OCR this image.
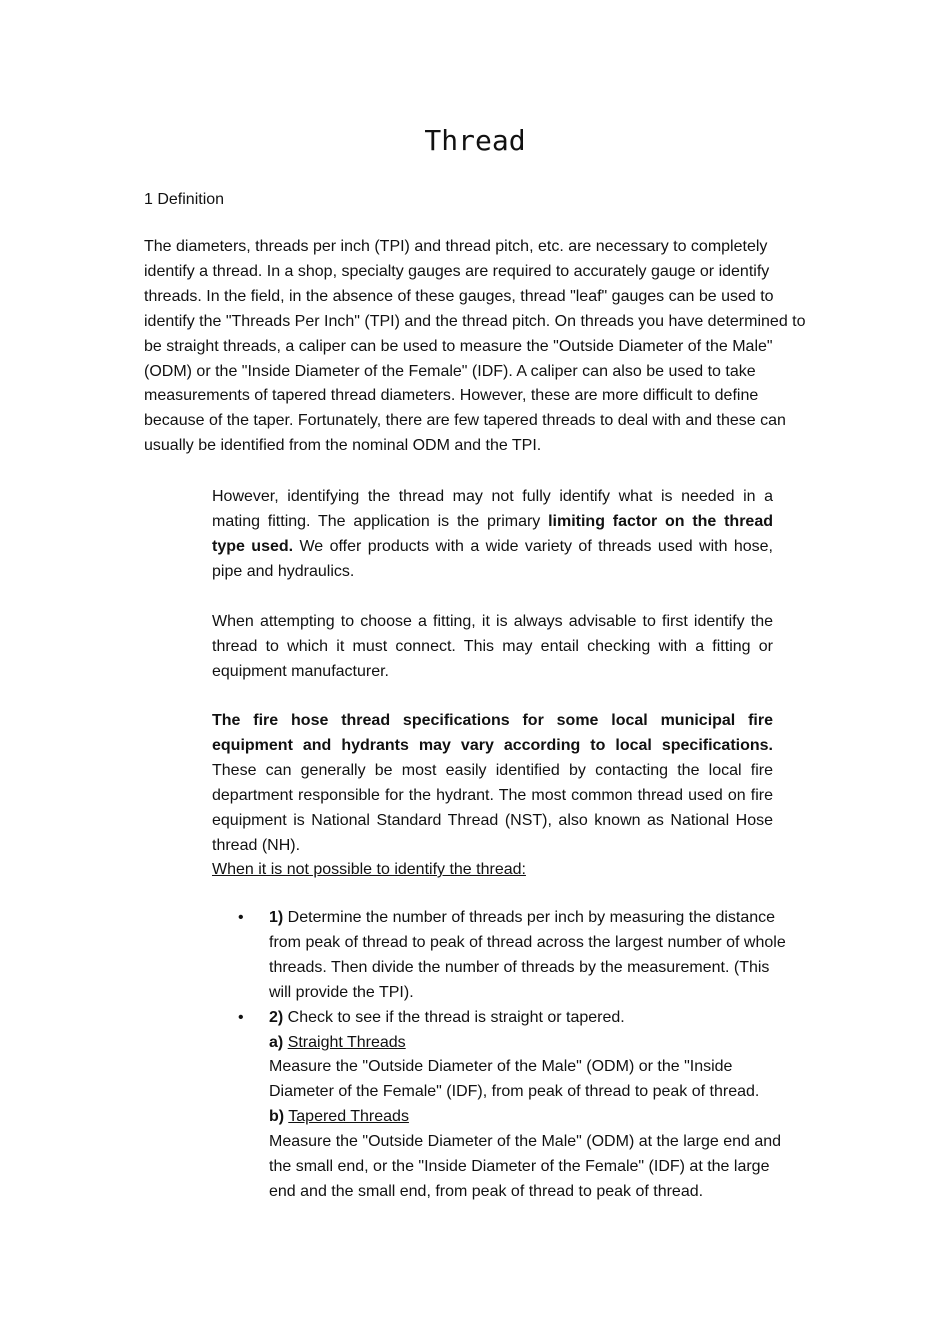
Thread

1 Definition

The diameters, threads per inch (TPI) and thread pitch, etc. are necessary to completely identify a thread. In a shop, specialty gauges are required to accurately gauge or identify threads. In the field, in the absence of these gauges, thread "leaf" gauges can be used to identify the "Threads Per Inch" (TPI) and the thread pitch. On threads you have determined to be straight threads, a caliper can be used to measure the "Outside Diameter of the Male" (ODM) or the "Inside Diameter of the Female" (IDF). A caliper can also be used to take measurements of tapered thread diameters. However, these are more difficult to define because of the taper. Fortunately, there are few tapered threads to deal with and these can usually be identified from the nominal ODM and the TPI.

However, identifying the thread may not fully identify what is needed in a mating fitting. The application is the primary limiting factor on the thread type used. We offer products with a wide variety of threads used with hose, pipe and hydraulics.

When attempting to choose a fitting, it is always advisable to first identify the thread to which it must connect. This may entail checking with a fitting or equipment manufacturer.

The fire hose thread specifications for some local municipal fire equipment and hydrants may vary according to local specifications. These can generally be most easily identified by contacting the local fire department responsible for the hydrant. The most common thread used on fire equipment is National Standard Thread (NST), also known as National Hose thread (NH).

When it is not possible to identify the thread:

• 1) Determine the number of threads per inch by measuring the distance from peak of thread to peak of thread across the largest number of whole threads. Then divide the number of threads by the measurement. (This will provide the TPI).
• 2) Check to see if the thread is straight or tapered.
a) Straight Threads
Measure the "Outside Diameter of the Male" (ODM) or the "Inside Diameter of the Female" (IDF), from peak of thread to peak of thread.
b) Tapered Threads
Measure the "Outside Diameter of the Male" (ODM) at the large end and the small end, or the "Inside Diameter of the Female" (IDF) at the large end and the small end, from peak of thread to peak of thread.
